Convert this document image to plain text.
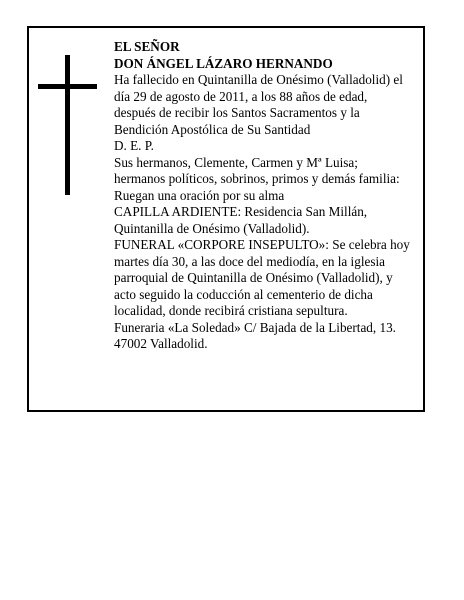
EL SEÑOR
DON ÁNGEL LÁZARO HERNANDO
Ha fallecido en Quintanilla de Onésimo (Valladolid) el
día 29 de agosto de 2011, a los 88 años de edad,
después de recibir los Santos Sacramentos y la
Bendición Apostólica de Su Santidad
D. E. P.
Sus hermanos, Clemente, Carmen y Mª Luisa;
hermanos políticos, sobrinos, primos y demás familia:
Ruegan una oración por su alma
CAPILLA ARDIENTE: Residencia San Millán,
Quintanilla de Onésimo (Valladolid).
FUNERAL «CORPORE INSEPULTO»: Se celebra hoy
martes día 30, a las doce del mediodía, en la iglesia
parroquial de Quintanilla de Onésimo (Valladolid), y
acto seguido la coducción al cementerio de dicha
localidad, donde recibirá cristiana sepultura.
Funeraria «La Soledad» C/ Bajada de la Libertad, 13.
47002 Valladolid.
